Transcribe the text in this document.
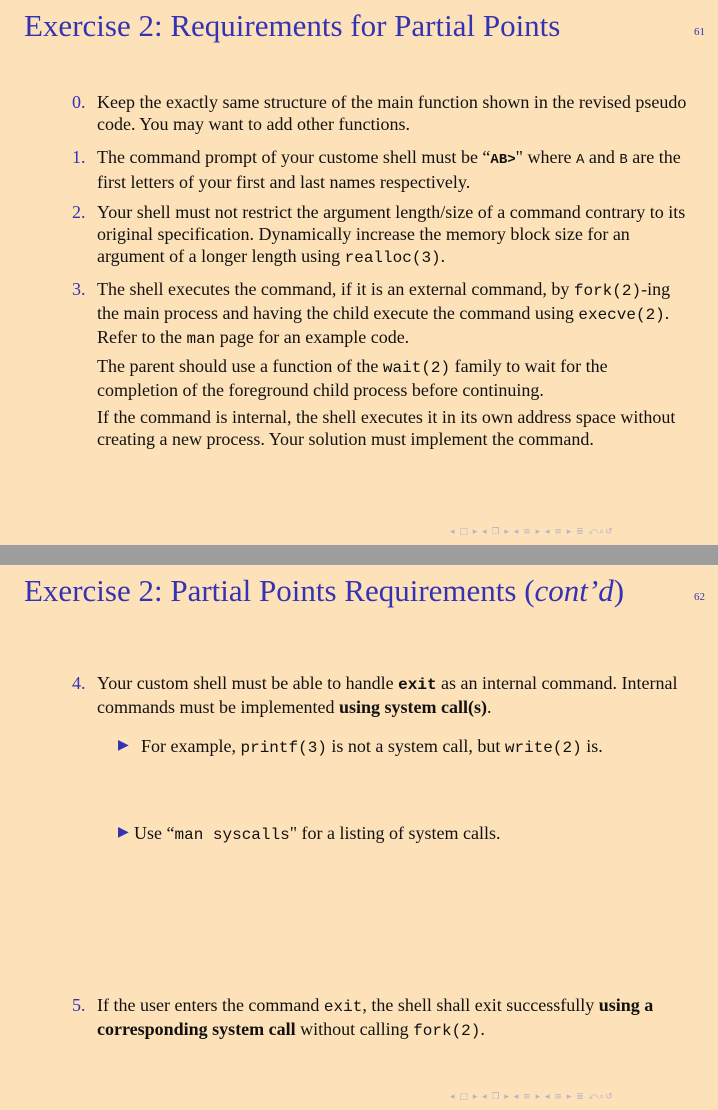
Exercise 2: Requirements for Partial Points	61
0. Keep the exactly same structure of the main function shown in the revised pseudo code. You may want to add other functions.
1. The command prompt of your custome shell must be “AB>" where A and B are the first letters of your first and last names respectively.
2. Your shell must not restrict the argument length/size of a command contrary to its original specification. Dynamically increase the memory block size for an argument of a longer length using realloc(3).
3. The shell executes the command, if it is an external command, by fork(2)-ing the main process and having the child execute the command using execve(2). Refer to the man page for an example code.
The parent should use a function of the wait(2) family to wait for the completion of the foreground child process before continuing.
If the command is internal, the shell executes it in its own address space without creating a new process. Your solution must implement the command.
◂ □ ▸ ◂ ❐ ▸ ◂ ≡ ▸ ◂ ≡ ▸ ≣ ⤺⌕↺
Exercise 2: Partial Points Requirements (cont’d)	62
4. Your custom shell must be able to handle exit as an internal command. Internal commands must be implemented using system call(s).
▶ For example, printf(3) is not a system call, but write(2) is.
▶ Use “man syscalls" for a listing of system calls.
5. If the user enters the command exit, the shell shall exit successfully using a corresponding system call without calling fork(2).
◂ □ ▸ ◂ ❐ ▸ ◂ ≡ ▸ ◂ ≡ ▸ ≣ ⤺⌕↺
